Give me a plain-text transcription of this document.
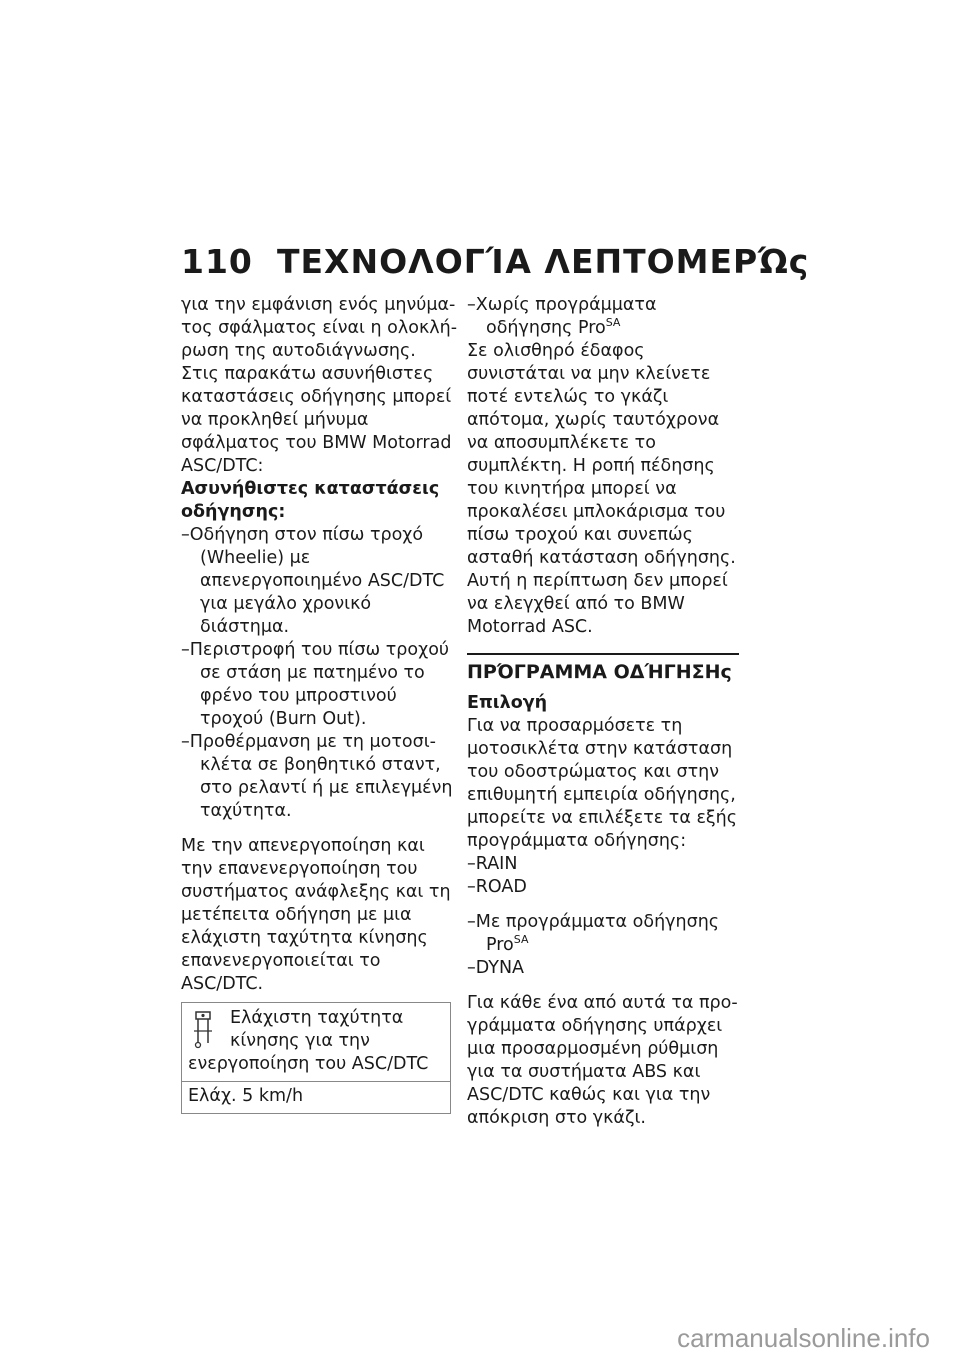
110 ΤΕΧΝΟΛΟΓΊΑ ΛΕΠΤΟΜΕΡΏς

για την εμφάνιση ενός μηνύματος σφάλματος είναι η ολοκλήρωση της αυτοδιάγνωσης.

Στις παρακάτω ασυνήθιστες καταστάσεις οδήγησης μπορεί να προκληθεί μήνυμα σφάλματος του BMW Motorrad ASC/DTC:

Ασυνήθιστες καταστάσεις οδήγησης:

–Οδήγηση στον πίσω τροχό (Wheelie) με απενεργοποιημένο ASC/DTC για μεγάλο χρονικό διάστημα.

–Περιστροφή του πίσω τροχού σε στάση με πατημένο το φρένο του μπροστινού τροχού (Burn Out).

–Προθέρμανση με τη μοτοσικλέτα σε βοηθητικό σταντ, στο ρελαντί ή με επιλεγμένη ταχύτητα.

Με την απενεργοποίηση και την επανενεργοποίηση του συστήματος ανάφλεξης και τη μετέπειτα οδήγηση με μια ελάχιστη ταχύτητα κίνησης επανενεργοποιείται το ASC/DTC.

Ελάχιστη ταχύτητα κίνησης για την ενεργοποίηση του ASC/DTC
Ελάχ. 5 km/h

–Χωρίς προγράμματα οδήγησης Pro$^{SA}$

Σε ολισθηρό έδαφος συνιστάται να μην κλείνετε ποτέ εντελώς το γκάζι απότομα, χωρίς ταυτόχρονα να αποσυμπλέκετε το συμπλέκτη. Η ροπή πέδησης του κινητήρα μπορεί να προκαλέσει μπλοκάρισμα του πίσω τροχού και συνεπώς ασταθή κατάσταση οδήγησης. Αυτή η περίπτωση δεν μπορεί να ελεγχθεί από το BMW Motorrad ASC.

ΠΡΌΓΡΑΜΜΑ ΟΔΉΓΗΣΗς

Επιλογή

Για να προσαρμόσετε τη μοτοσικλέτα στην κατάσταση του οδοστρώματος και στην επιθυμητή εμπειρία οδήγησης, μπορείτε να επιλέξετε τα εξής προγράμματα οδήγησης:

–RAIN

–ROAD

–Με προγράμματα οδήγησης Pro$^{SA}$

–DYNA

Για κάθε ένα από αυτά τα προγράμματα οδήγησης υπάρχει μια προσαρμοσμένη ρύθμιση για τα συστήματα ABS και ASC/DTC καθώς και για την απόκριση στο γκάζι.

carmanualsonline.info
